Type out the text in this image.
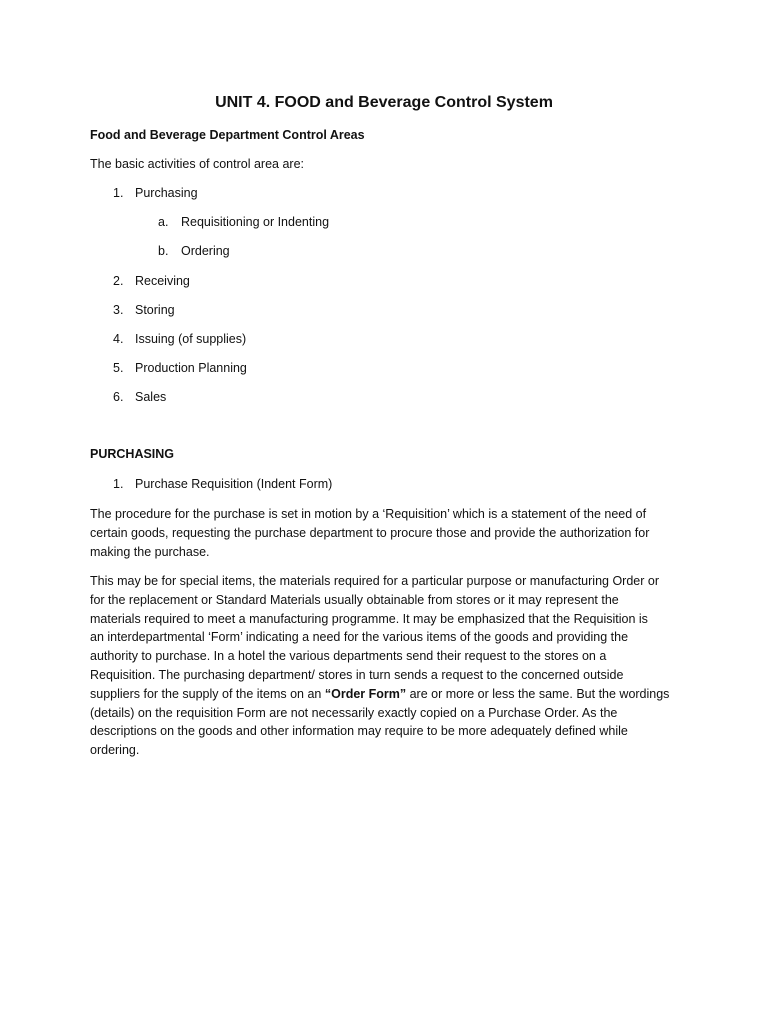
UNIT 4. FOOD and Beverage Control System
Food and Beverage Department Control Areas
The basic activities of control area are:
1. Purchasing
a. Requisitioning or Indenting
b. Ordering
2. Receiving
3. Storing
4. Issuing (of supplies)
5. Production Planning
6. Sales
PURCHASING
1. Purchase Requisition (Indent Form)
The procedure for the purchase is set in motion by a ‘Requisition’ which is a statement of the need of
certain goods, requesting the purchase department to procure those and provide the authorization for
making the purchase.
This may be for special items, the materials required for a particular purpose or manufacturing Order or
for the replacement or Standard Materials usually obtainable from stores or it may represent the
materials required to meet a manufacturing programme. It may be emphasized that the Requisition is
an interdepartmental ‘Form’ indicating a need for the various items of the goods and providing the
authority to purchase. In a hotel the various departments send their request to the stores on a
Requisition. The purchasing department/ stores in turn sends a request to the concerned outside
suppliers for the supply of the items on an “Order Form” are or more or less the same. But the wordings
(details) on the requisition Form are not necessarily exactly copied on a Purchase Order. As the
descriptions on the goods and other information may require to be more adequately defined while
ordering.
